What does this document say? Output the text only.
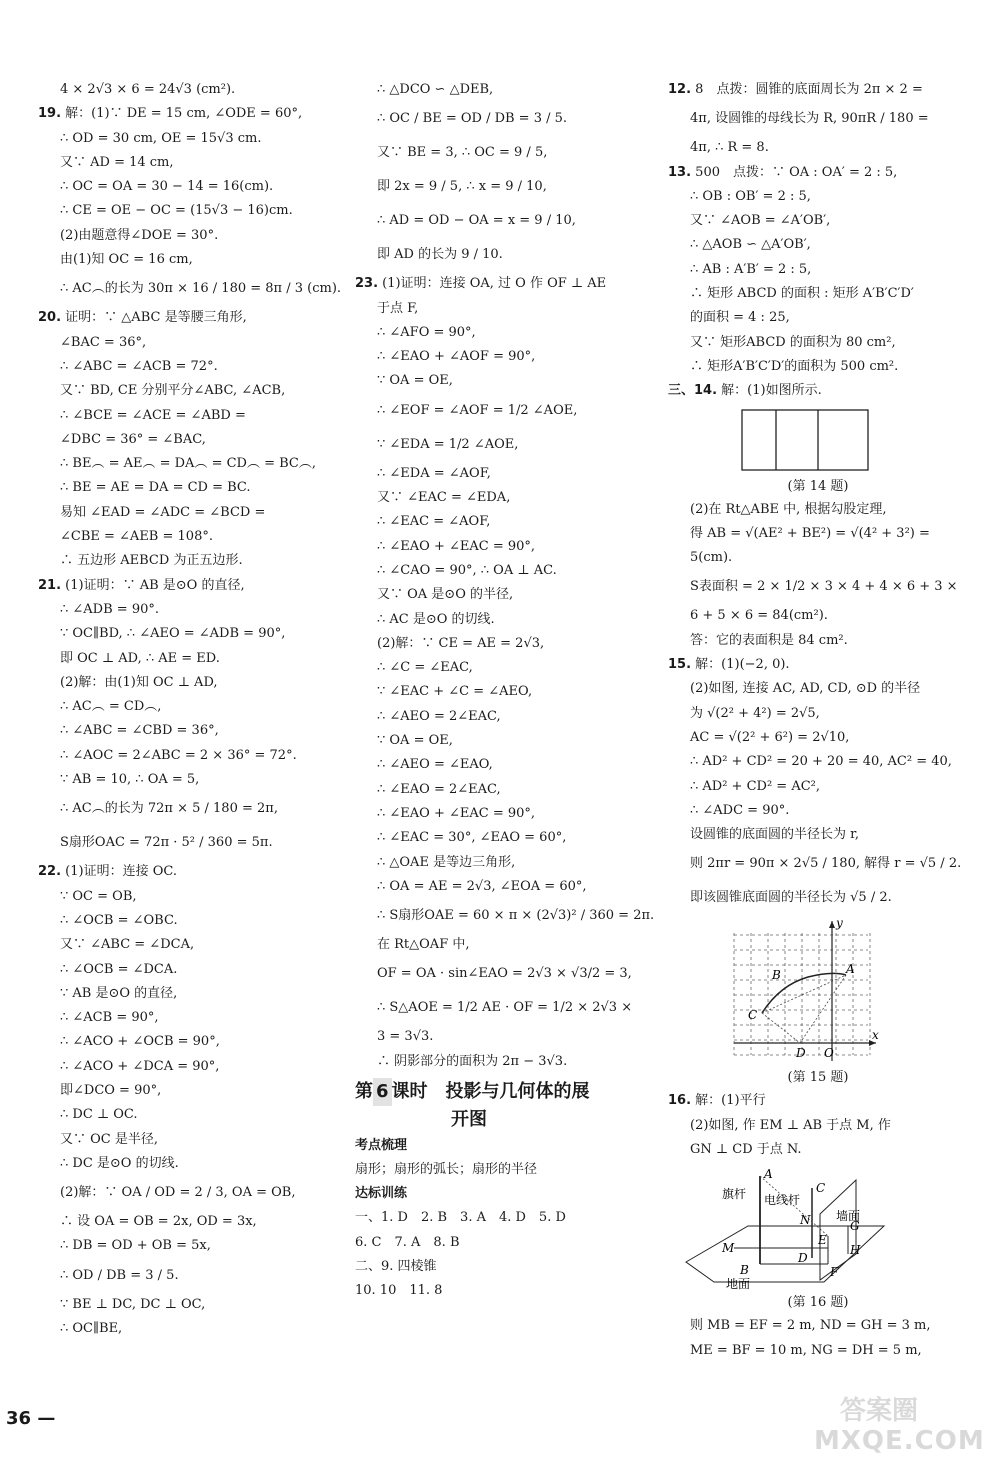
4 × 2√3 × 6 = 24√3 (cm²).
19. 解：(1)∵ DE = 15 cm, ∠ODE = 60°,
∴ OD = 30 cm, OE = 15√3 cm.
又∵ AD = 14 cm,
∴ OC = OA = 30 − 14 = 16(cm).
∴ CE = OE − OC = (15√3 − 16)cm.
(2)由题意得∠DOE = 30°.
由(1)知 OC = 16 cm,
∴ AC︵的长为 30π × 16 / 180 = 8π / 3 (cm).
20. 证明：∵ △ABC 是等腰三角形,
∠BAC = 36°,
∴ ∠ABC = ∠ACB = 72°.
又∵ BD, CE 分别平分∠ABC, ∠ACB,
∴ ∠BCE = ∠ACE = ∠ABD =
∠DBC = 36° = ∠BAC,
∴ BE︵ = AE︵ = DA︵ = CD︵ = BC︵,
∴ BE = AE = DA = CD = BC.
易知 ∠EAD = ∠ADC = ∠BCD =
∠CBE = ∠AEB = 108°.
∴ 五边形 AEBCD 为正五边形.
21. (1)证明：∵ AB 是⊙O 的直径,
∴ ∠ADB = 90°.
∵ OC∥BD, ∴ ∠AEO = ∠ADB = 90°,
即 OC ⊥ AD, ∴ AE = ED.
(2)解：由(1)知 OC ⊥ AD,
∴ AC︵ = CD︵,
∴ ∠ABC = ∠CBD = 36°,
∴ ∠AOC = 2∠ABC = 2 × 36° = 72°.
∵ AB = 10, ∴ OA = 5,
∴ AC︵的长为 72π × 5 / 180 = 2π,
S扇形OAC = 72π · 5² / 360 = 5π.
22. (1)证明：连接 OC.
∵ OC = OB,
∴ ∠OCB = ∠OBC.
又∵ ∠ABC = ∠DCA,
∴ ∠OCB = ∠DCA.
∵ AB 是⊙O 的直径,
∴ ∠ACB = 90°,
∴ ∠ACO + ∠OCB = 90°,
∴ ∠ACO + ∠DCA = 90°,
即∠DCO = 90°,
∴ DC ⊥ OC.
又∵ OC 是半径,
∴ DC 是⊙O 的切线.
(2)解：∵ OA / OD = 2 / 3, OA = OB,
∴ 设 OA = OB = 2x, OD = 3x,
∴ DB = OD + OB = 5x,
∴ OD / DB = 3 / 5.
∵ BE ⊥ DC, DC ⊥ OC,
∴ OC∥BE,
∴ △DCO ∽ △DEB,
∴ OC / BE = OD / DB = 3 / 5.
又∵ BE = 3, ∴ OC = 9 / 5,
即 2x = 9 / 5, ∴ x = 9 / 10,
∴ AD = OD − OA = x = 9 / 10,
即 AD 的长为 9 / 10.
23. (1)证明：连接 OA, 过 O 作 OF ⊥ AE
于点 F,
∴ ∠AFO = 90°,
∴ ∠EAO + ∠AOF = 90°,
∵ OA = OE,
∴ ∠EOF = ∠AOF = 1/2 ∠AOE,
∵ ∠EDA = 1/2 ∠AOE,
∴ ∠EDA = ∠AOF,
又∵ ∠EAC = ∠EDA,
∴ ∠EAC = ∠AOF,
∴ ∠EAO + ∠EAC = 90°,
∴ ∠CAO = 90°, ∴ OA ⊥ AC.
又∵ OA 是⊙O 的半径,
∴ AC 是⊙O 的切线.
(2)解：∵ CE = AE = 2√3,
∴ ∠C = ∠EAC,
∵ ∠EAC + ∠C = ∠AEO,
∴ ∠AEO = 2∠EAC,
∵ OA = OE,
∴ ∠AEO = ∠EAO,
∴ ∠EAO = 2∠EAC,
∴ ∠EAO + ∠EAC = 90°,
∴ ∠EAC = 30°, ∠EAO = 60°,
∴ △OAE 是等边三角形,
∴ OA = AE = 2√3, ∠EOA = 60°,
∴ S扇形OAE = 60 × π × (2√3)² / 360 = 2π.
在 Rt△OAF 中,
OF = OA · sin∠EAO = 2√3 × √3/2 = 3,
∴ S△AOE = 1/2 AE · OF = 1/2 × 2√3 ×
3 = 3√3.
∴ 阴影部分的面积为 2π − 3√3.
第 6 课时　投影与几何体的展
开图
考点梳理
扇形；扇形的弧长；扇形的半径
达标训练
一、1. D　2. B　3. A　4. D　5. D
6. C　7. A　8. B
二、9. 四棱锥
10. 10　11. 8
12. 8　点拨：圆锥的底面周长为 2π × 2 =
4π, 设圆锥的母线长为 R, 90πR / 180 =
4π, ∴ R = 8.
13. 500　点拨：∵ OA : OA′ = 2 : 5,
∴ OB : OB′ = 2 : 5,
又∵ ∠AOB = ∠A′OB′,
∴ △AOB ∽ △A′OB′,
∴ AB : A′B′ = 2 : 5,
∴ 矩形 ABCD 的面积 : 矩形 A′B′C′D′
的面积 = 4 : 25,
又∵ 矩形ABCD 的面积为 80 cm²,
∴ 矩形A′B′C′D′的面积为 500 cm².
三、14. 解：(1)如图所示.
(第 14 题)
(2)在 Rt△ABE 中, 根据勾股定理,
得 AB = √(AE² + BE²) = √(4² + 3²) =
5(cm).
S表面积 = 2 × 1/2 × 3 × 4 + 4 × 6 + 3 ×
6 + 5 × 6 = 84(cm²).
答：它的表面积是 84 cm².
15. 解：(1)(−2, 0).
(2)如图, 连接 AC, AD, CD, ⊙D 的半径
为 √(2² + 4²) = 2√5,
AC = √(2² + 6²) = 2√10,
∴ AD² + CD² = 20 + 20 = 40, AC² = 40,
∴ AD² + CD² = AC²,
∴ ∠ADC = 90°.
设圆锥的底面圆的半径长为 r,
则 2πr = 90π × 2√5 / 180, 解得 r = √5 / 2.
即该圆锥底面圆的半径长为 √5 / 2.
y
x
A
B
C
D O
(第 15 题)
16. 解：(1)平行
(2)如图, 作 EM ⊥ AB 于点 M, 作
GN ⊥ CD 于点 N.
A
旗杆 电线杆
C
墙面
N	G
E
H
M
D
B	F
地面
(第 16 题)
则 MB = EF = 2 m, ND = GH = 3 m,
ME = BF = 10 m, NG = DH = 5 m,
36 —	答案圈
MXQE.COM
